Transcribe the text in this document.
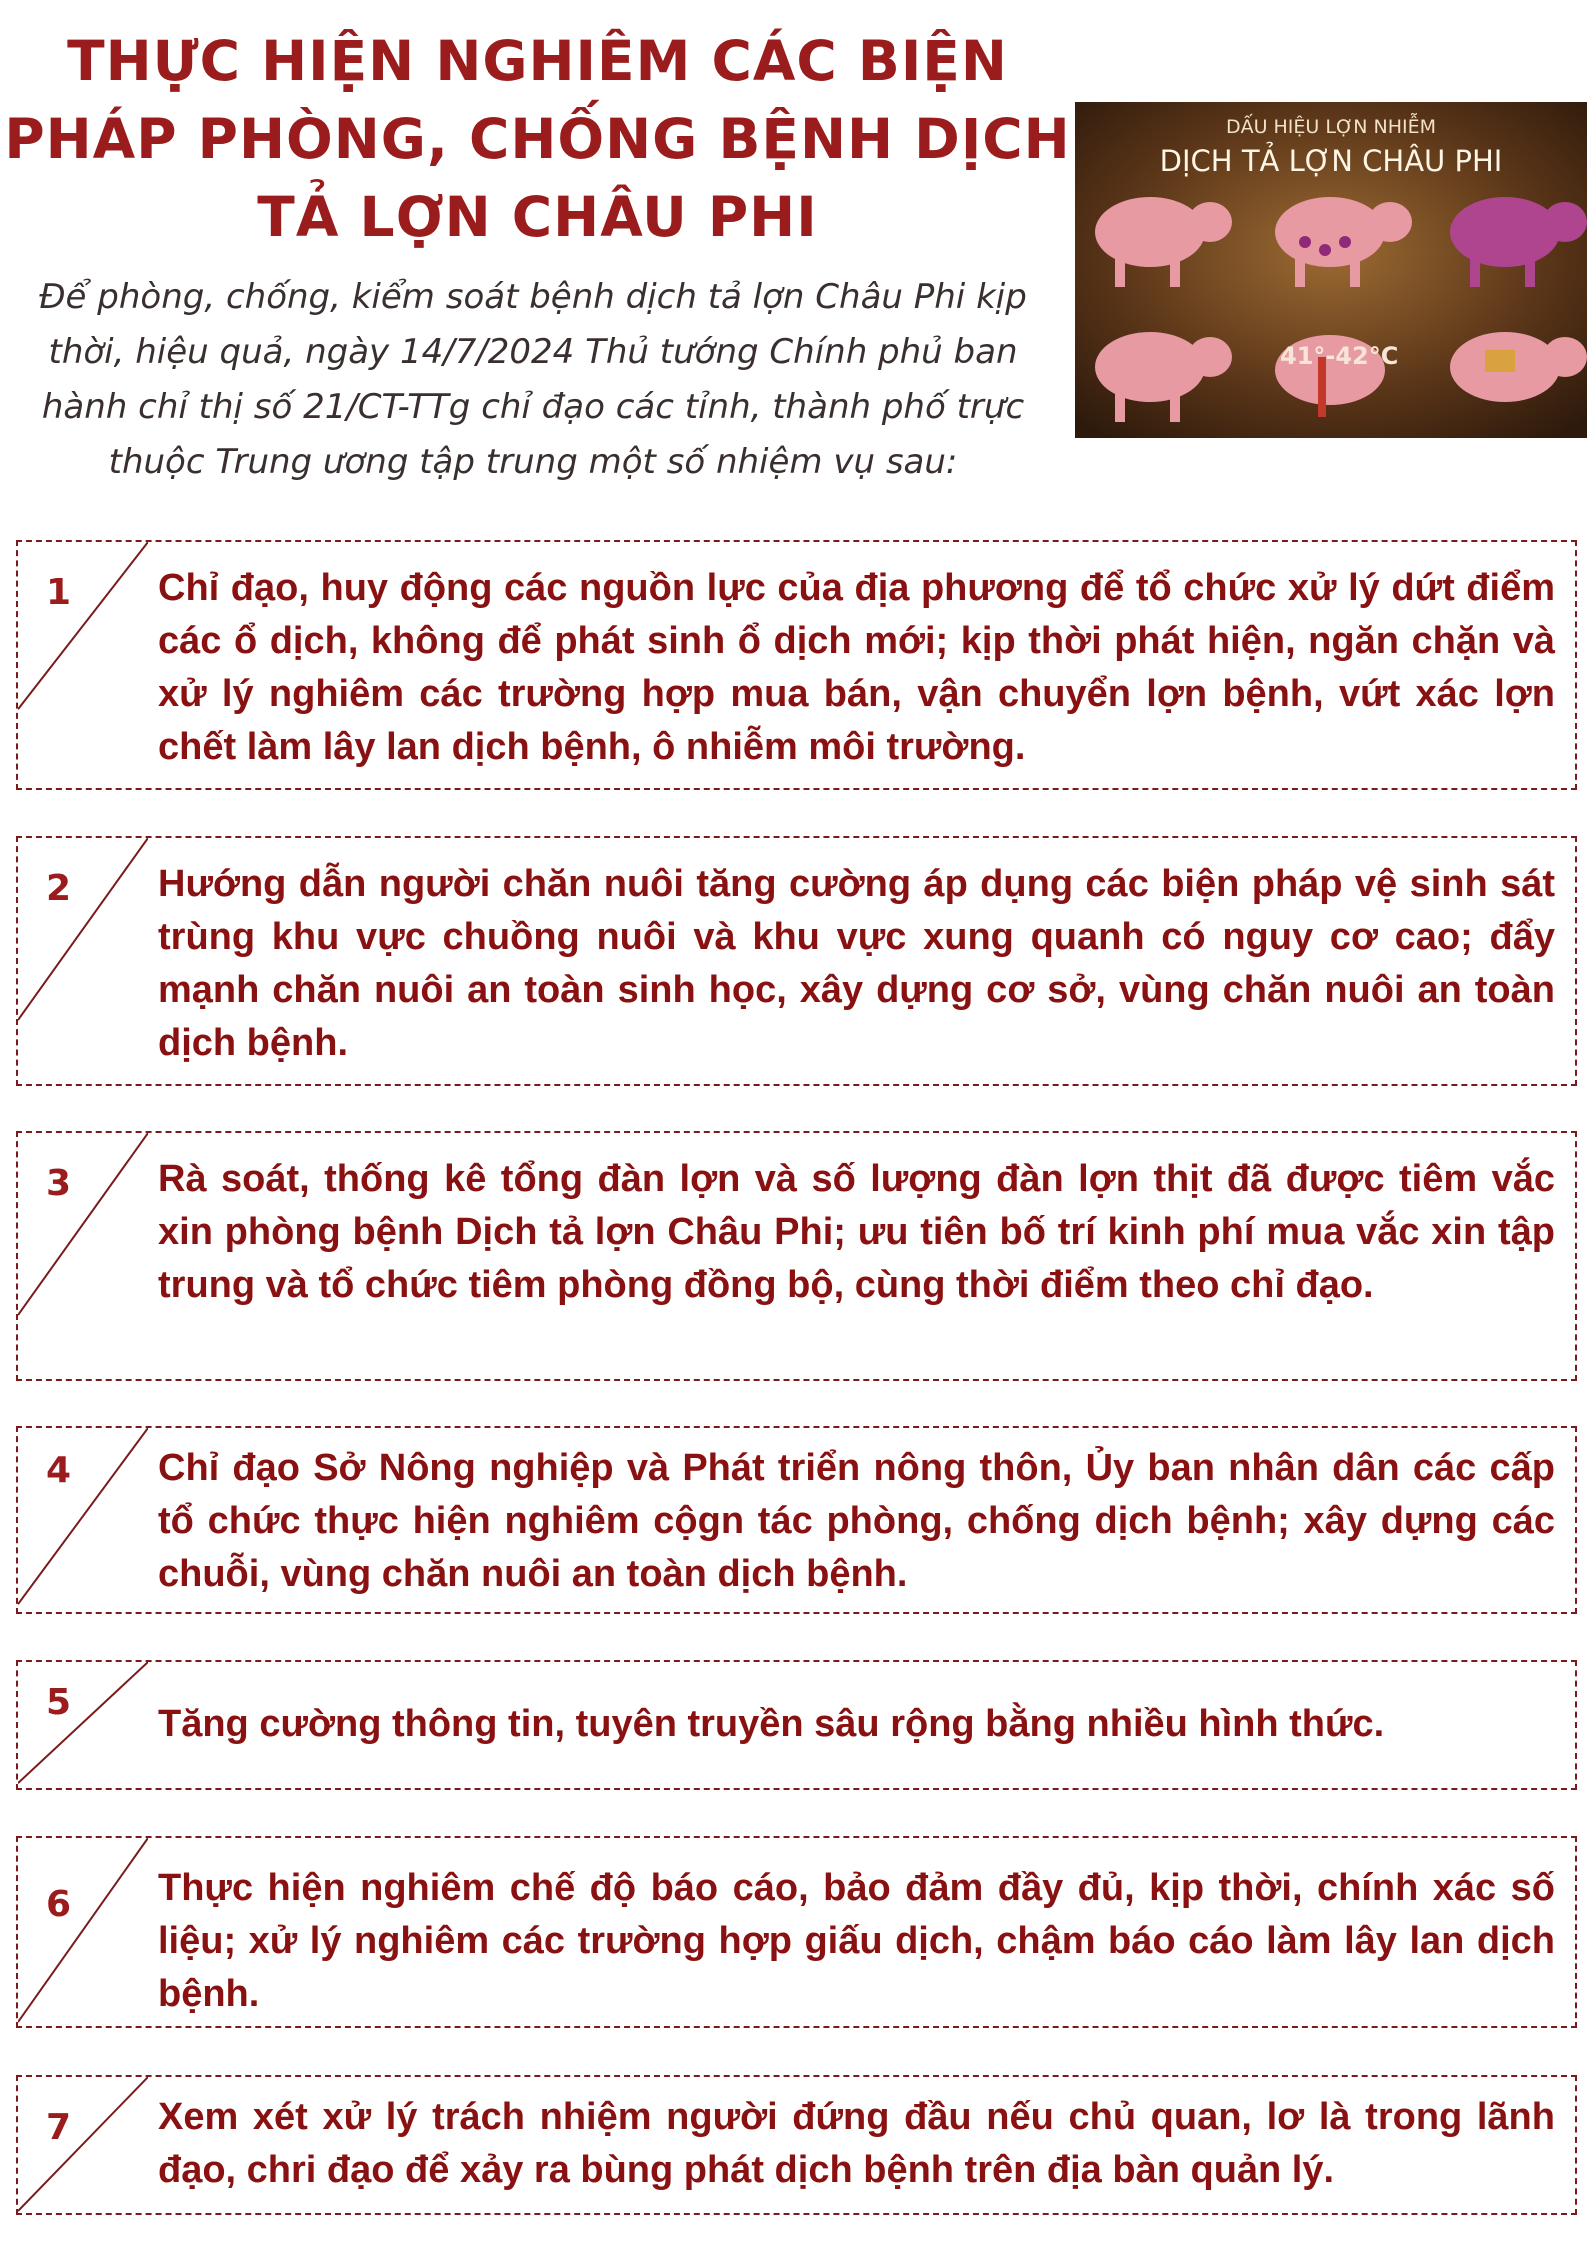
THỰC HIỆN NGHIÊM CÁC BIỆN PHÁP PHÒNG, CHỐNG BỆNH DỊCH TẢ LỢN CHÂU PHI
Để phòng, chống, kiểm soát bệnh dịch tả lợn Châu Phi kịp thời, hiệu quả, ngày 14/7/2024 Thủ tướng Chính phủ ban hành chỉ thị số 21/CT-TTg chỉ đạo các tỉnh, thành phố trực thuộc Trung ương tập trung một số nhiệm vụ sau:
DẤU HIỆU LỢN NHIỄM
DỊCH TẢ LỢN CHÂU PHI
41°-42°C
1 Chỉ đạo, huy động các nguồn lực của địa phương để tổ chức xử lý dứt điểm các ổ dịch, không để phát sinh ổ dịch mới; kịp thời phát hiện, ngăn chặn và xử lý nghiêm các trường hợp mua bán, vận chuyển lợn bệnh, vứt xác lợn chết làm lây lan dịch bệnh, ô nhiễm môi trường.
2 Hướng dẫn người chăn nuôi tăng cường áp dụng các biện pháp vệ sinh sát trùng khu vực chuồng nuôi và khu vực xung quanh có nguy cơ cao; đẩy mạnh chăn nuôi an toàn sinh học, xây dựng cơ sở, vùng chăn nuôi an toàn dịch bệnh.
3 Rà soát, thống kê tổng đàn lợn và số lượng đàn lợn thịt đã được tiêm vắc xin phòng bệnh Dịch tả lợn Châu Phi; ưu tiên bố trí kinh phí mua vắc xin tập trung và tổ chức tiêm phòng đồng bộ, cùng thời điểm theo chỉ đạo.
4 Chỉ đạo Sở Nông nghiệp và Phát triển nông thôn, Ủy ban nhân dân các cấp tổ chức thực hiện nghiêm cộgn tác phòng, chống dịch bệnh; xây dựng các chuỗi, vùng chăn nuôi an toàn dịch bệnh.
5
Tăng cường thông tin, tuyên truyền sâu rộng bằng nhiều hình thức.
6 Thực hiện nghiêm chế độ báo cáo, bảo đảm đầy đủ, kịp thời, chính xác số liệu; xử lý nghiêm các trường hợp giấu dịch, chậm báo cáo làm lây lan dịch bệnh.
7 Xem xét xử lý trách nhiệm người đứng đầu nếu chủ quan, lơ là trong lãnh đạo, chri đạo để xảy ra bùng phát dịch bệnh trên địa bàn quản lý.
